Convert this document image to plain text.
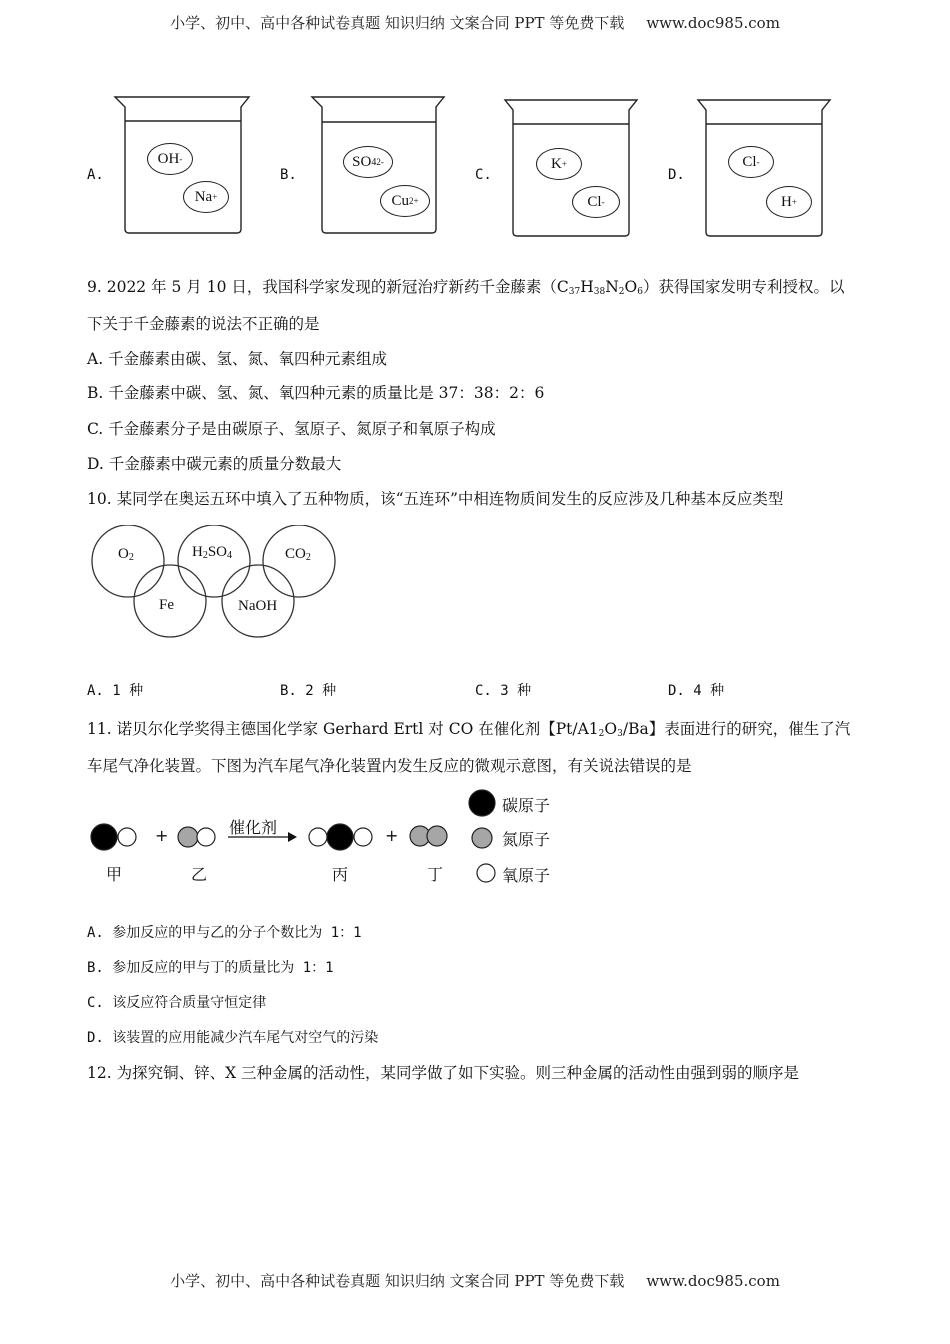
小学、初中、高中各种试卷真题 知识归纳 文案合同 PPT 等免费下载 www.doc985.com
A.
OH -
Na +
B.
SO 4 2-
Cu 2+
C.
K +
Cl -
D.
Cl -
H +
9. 2022 年 5 月 10 日，我国科学家发现的新冠治疗新药千金藤素$(C_{37}H_{38}N_2O_6)$获得国家发明专利授权。以
下关于千金藤素的说法不正确的是
A. 千金藤素由碳、氢、氮、氧四种元素组成
B. 千金藤素中碳、氢、氮、氧四种元素的质量比是 37：38：2：6
C. 千金藤素分子是由碳原子、氢原子、氮原子和氧原子构成
D. 千金藤素中碳元素的质量分数最大
10. 某同学在奥运五环中填入了五种物质，该“五连环”中相连物质间发生的反应涉及几种基本反应类型
$O_2$	$H_2SO_4$	$CO_2$
Fe	NaOH
A. 1 种	B. 2 种	C. 3 种	D. 4 种
11. 诺贝尔化学奖得主德国化学家 Gerhard Ertl 对 CO 在催化剂【$Pt/A1_2O_3/Ba$】表面进行的研究，催生了汽
车尾气净化装置。下图为汽车尾气净化装置内发生反应的微观示意图，有关说法错误的是
+	+
催化剂
甲	乙	丙	丁
碳原子
氮原子
氧原子
A. 参加反应的甲与乙的分子个数比为 1：1
B. 参加反应的甲与丁的质量比为 1：1
C. 该反应符合质量守恒定律
D. 该装置的应用能减少汽车尾气对空气的污染
12. 为探究铜、锌、X 三种金属的活动性，某同学做了如下实验。则三种金属的活动性由强到弱的顺序是
小学、初中、高中各种试卷真题 知识归纳 文案合同 PPT 等免费下载 www.doc985.com
